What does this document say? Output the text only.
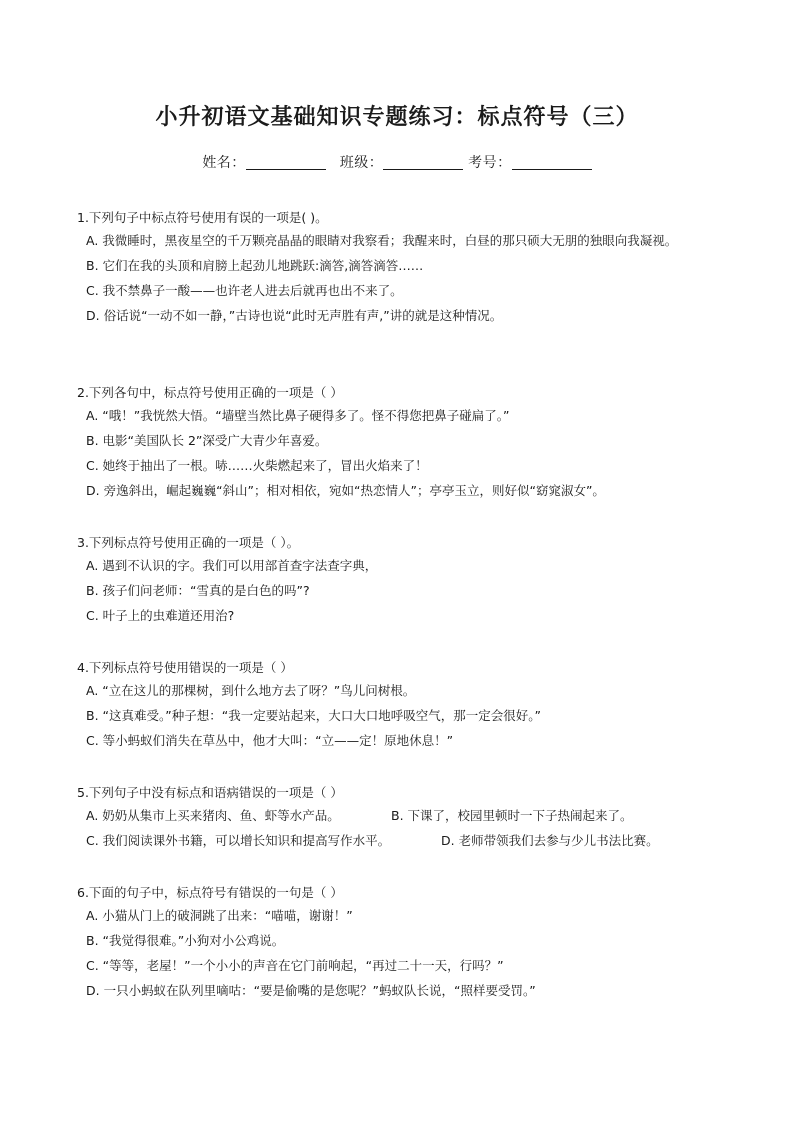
小升初语文基础知识专题练习：标点符号（三）
姓名：	班级：	考号：
1.下列句子中标点符号使用有误的一项是( )。
A. 我微睡时，黑夜星空的千万颗亮晶晶的眼睛对我察看；我醒来时，白昼的那只硕大无朋的独眼向我凝视。
B. 它们在我的头顶和肩膀上起劲儿地跳跃:滴答,滴答滴答……
C. 我不禁鼻子一酸——也许老人进去后就再也出不来了。
D. 俗话说“一动不如一静，”古诗也说“此时无声胜有声,”讲的就是这种情况。
2.下列各句中，标点符号使用正确的一项是（ ）
A. “哦！”我恍然大悟。“墙壁当然比鼻子硬得多了。怪不得您把鼻子碰扁了。”
B. 电影“美国队长 2”深受广大青少年喜爱。
C. 她终于抽出了一根。哧……火柴燃起来了，冒出火焰来了！
D. 旁逸斜出，崛起巍巍“斜山”；相对相依，宛如“热恋情人”；亭亭玉立，则好似“窈窕淑女”。
3.下列标点符号使用正确的一项是（ ）。
A. 遇到不认识的字。我们可以用部首查字法查字典，
B. 孩子们问老师：“雪真的是白色的吗”?
C. 叶子上的虫难道还用治?
4.下列标点符号使用错误的一项是（ ）
A. “立在这儿的那棵树，到什么地方去了呀？”鸟儿问树根。
B. “这真难受。”种子想：“我一定要站起来，大口大口地呼吸空气，那一定会很好。”
C. 等小蚂蚁们消失在草丛中，他才大叫：“立——定！原地休息！”
5.下列句子中没有标点和语病错误的一项是（ ）
A. 奶奶从集市上买来猪肉、鱼、虾等水产品。	B. 下课了，校园里顿时一下子热闹起来了。
C. 我们阅读课外书籍，可以增长知识和提高写作水平。	D. 老师带领我们去参与少儿书法比赛。
6.下面的句子中，标点符号有错误的一句是（ ）
A. 小猫从门上的破洞跳了出来：“喵喵，谢谢！”
B. “我觉得很难。”小狗对小公鸡说。
C. “等等，老屋！”一个小小的声音在它门前响起，“再过二十一天，行吗？”
D. 一只小蚂蚁在队列里嘀咕：“要是偷嘴的是您呢？”蚂蚁队长说，“照样要受罚。”
